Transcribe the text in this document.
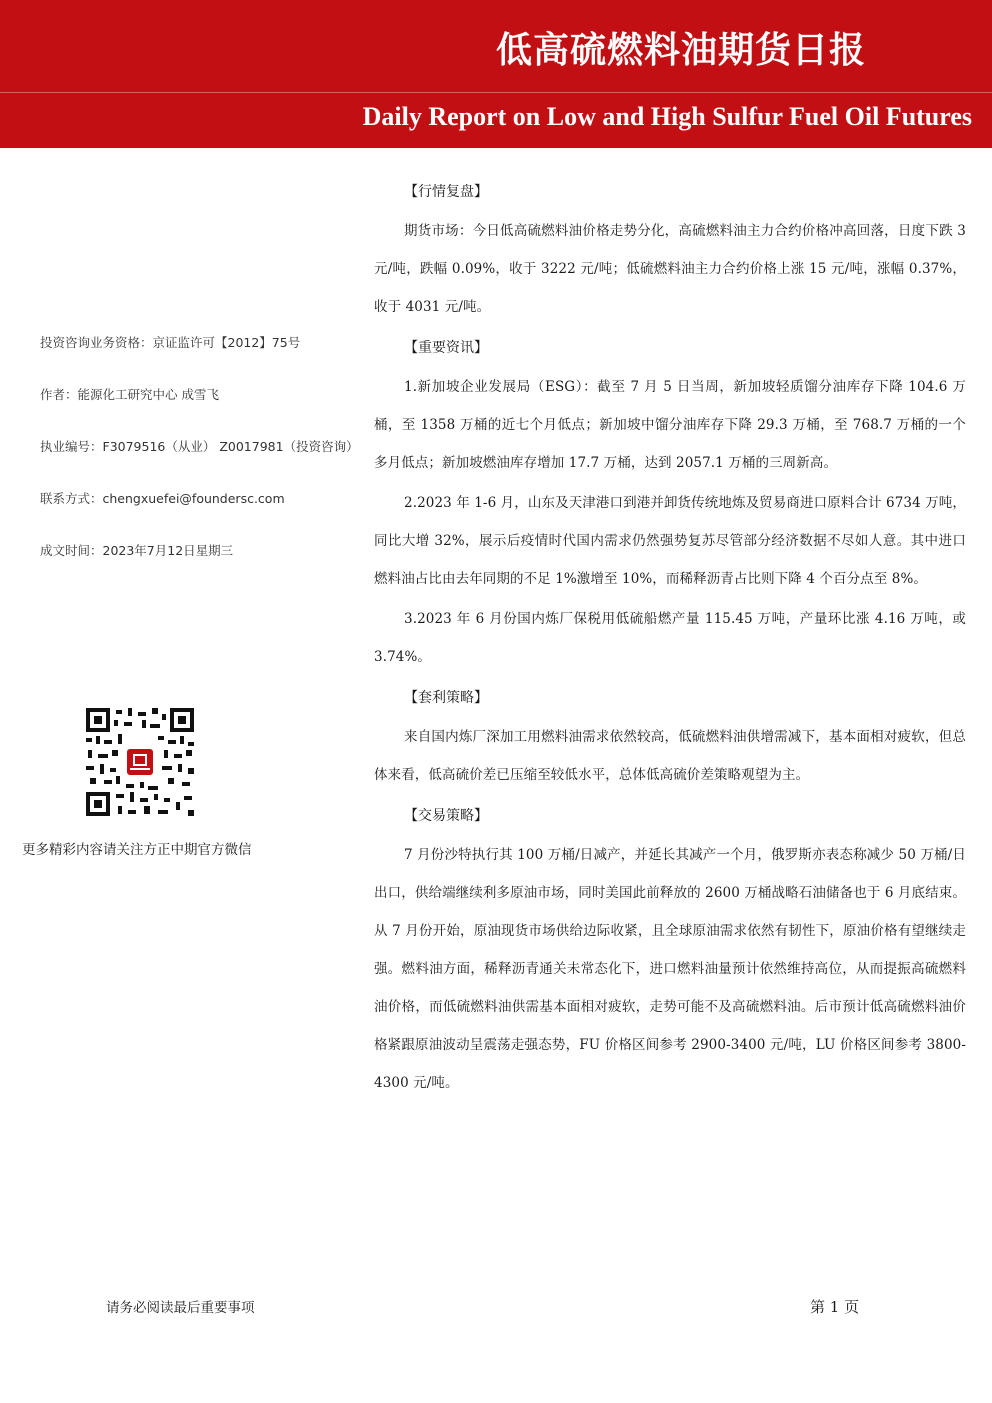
低高硫燃料油期货日报
Daily Report on Low and High Sulfur Fuel Oil Futures
投资咨询业务资格：京证监许可【2012】75号
作者：能源化工研究中心 成雪飞
执业编号：F3079516（从业） Z0017981（投资咨询）
联系方式：chengxuefei@foundersc.com
成文时间：2023年7月12日星期三
更多精彩内容请关注方正中期官方微信
【行情复盘】

期货市场：今日低高硫燃料油价格走势分化，高硫燃料油主力合约价格冲高回落，日度下跌 3 元/吨，跌幅 0.09%，收于 3222 元/吨；低硫燃料油主力合约价格上涨 15 元/吨，涨幅 0.37%，收于 4031 元/吨。

【重要资讯】

1.新加坡企业发展局（ESG）：截至 7 月 5 日当周，新加坡轻质馏分油库存下降 104.6 万桶，至 1358 万桶的近七个月低点；新加坡中馏分油库存下降 29.3 万桶，至 768.7 万桶的一个多月低点；新加坡燃油库存增加 17.7 万桶，达到 2057.1 万桶的三周新高。

2.2023 年 1-6 月，山东及天津港口到港并卸货传统地炼及贸易商进口原料合计 6734 万吨，同比大增 32%，展示后疫情时代国内需求仍然强势复苏尽管部分经济数据不尽如人意。其中进口燃料油占比由去年同期的不足 1%激增至 10%，而稀释沥青占比则下降 4 个百分点至 8%。

3.2023 年 6 月份国内炼厂保税用低硫船燃产量 115.45 万吨，产量环比涨 4.16 万吨，或 3.74%。

【套利策略】

来自国内炼厂深加工用燃料油需求依然较高，低硫燃料油供增需减下，基本面相对疲软，但总体来看，低高硫价差已压缩至较低水平，总体低高硫价差策略观望为主。

【交易策略】

7 月份沙特执行其 100 万桶/日减产，并延长其减产一个月，俄罗斯亦表态称减少 50 万桶/日出口，供给端继续利多原油市场，同时美国此前释放的 2600 万桶战略石油储备也于 6 月底结束。从 7 月份开始，原油现货市场供给边际收紧，且全球原油需求依然有韧性下，原油价格有望继续走强。燃料油方面，稀释沥青通关未常态化下，进口燃料油量预计依然维持高位，从而提振高硫燃料油价格，而低硫燃料油供需基本面相对疲软，走势可能不及高硫燃料油。后市预计低高硫燃料油价格紧跟原油波动呈震荡走强态势，FU 价格区间参考 2900-3400 元/吨，LU 价格区间参考 3800-4300 元/吨。

请务必阅读最后重要事项	第 1 页
